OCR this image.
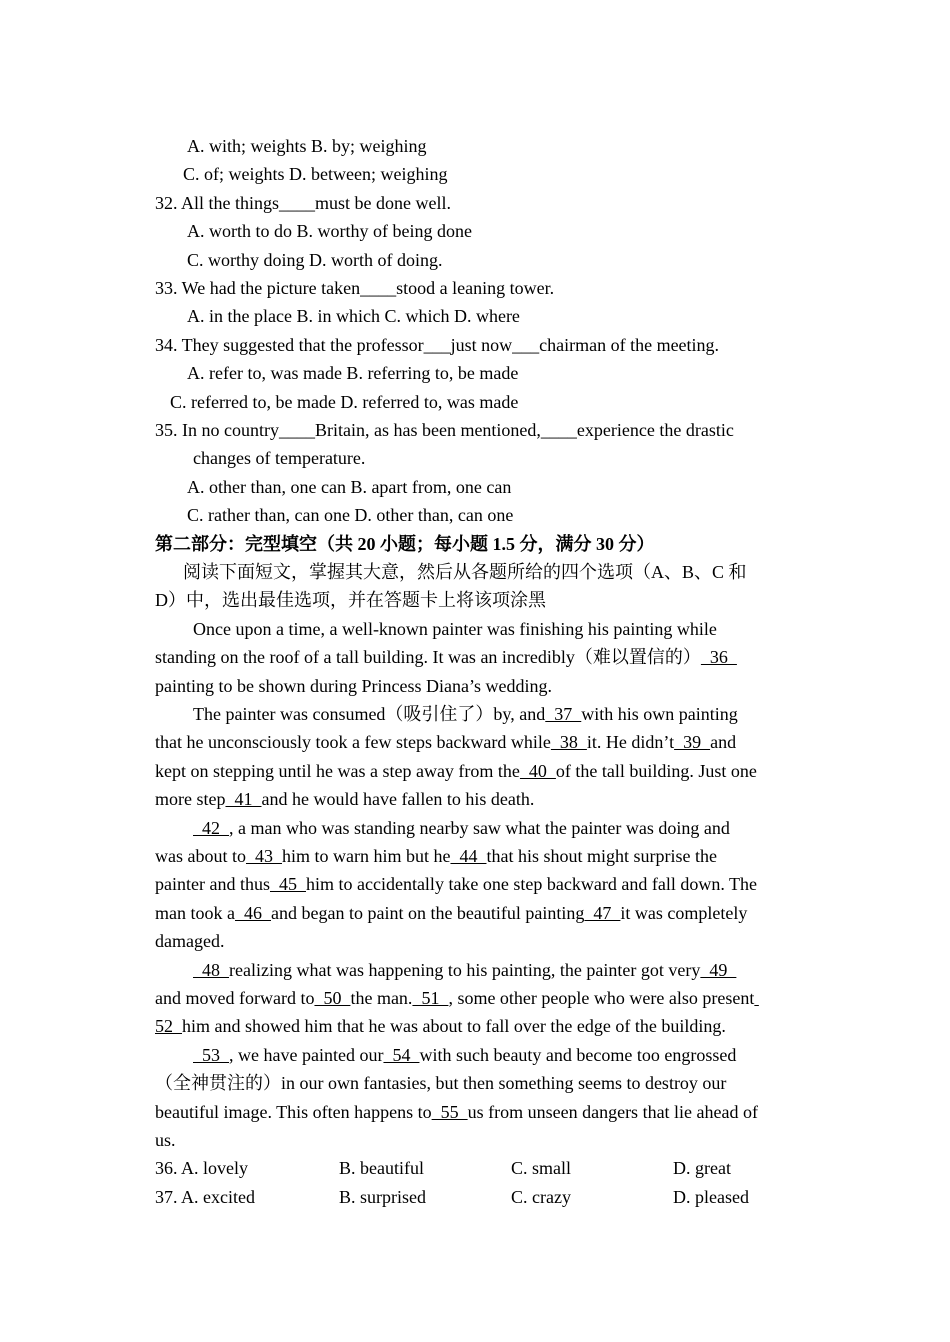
A. with; weights B. by; weighing
C. of; weights D. between; weighing
32. All the things____must be done well.
A. worth to do B. worthy of being done
C. worthy doing D. worth of doing.
33. We had the picture taken____stood a leaning tower.
A. in the place B. in which C. which D. where
34. They suggested that the professor___just now___chairman of the meeting.
A. refer to, was made B. referring to, be made
C. referred to, be made D. referred to, was made
35. In no country____Britain, as has been mentioned,____experience the drastic
changes of temperature.
A. other than, one can B. apart from, one can
C. rather than, can one D. other than, can one
第二部分：完型填空（共 20 小题；每小题 1.5 分，满分 30 分）
阅读下面短文，掌握其大意，然后从各题所给的四个选项（A、B、C 和
D）中，选出最佳选项，并在答题卡上将该项涂黑
Once upon a time, a well-known painter was finishing his painting while
standing on the roof of a tall building. It was an incredibly（难以置信的）  36
painting to be shown during Princess Diana’s wedding.
The painter was consumed（吸引住了）by, and  37  with his own painting
that he unconsciously took a few steps backward while  38  it. He didn’t  39  and
kept on stepping until he was a step away from the  40  of the tall building. Just one
more step  41  and he would have fallen to his death.
42  , a man who was standing nearby saw what the painter was doing and
was about to  43  him to warn him but he  44  that his shout might surprise the
painter and thus  45  him to accidentally take one step backward and fall down. The
man took a  46  and began to paint on the beautiful painting  47  it was completely
damaged.
48  realizing what was happening to his painting, the painter got very  49
and moved forward to  50  the man.  51  , some other people who were also present
52  him and showed him that he was about to fall over the edge of the building.
53  , we have painted our  54  with such beauty and become too engrossed
（全神贯注的）in our own fantasies, but then something seems to destroy our
beautiful image. This often happens to  55  us from unseen dangers that lie ahead of
us.
36. A. lovely	B. beautiful	C. small	D. great
37. A. excited	B. surprised	C. crazy	D. pleased
